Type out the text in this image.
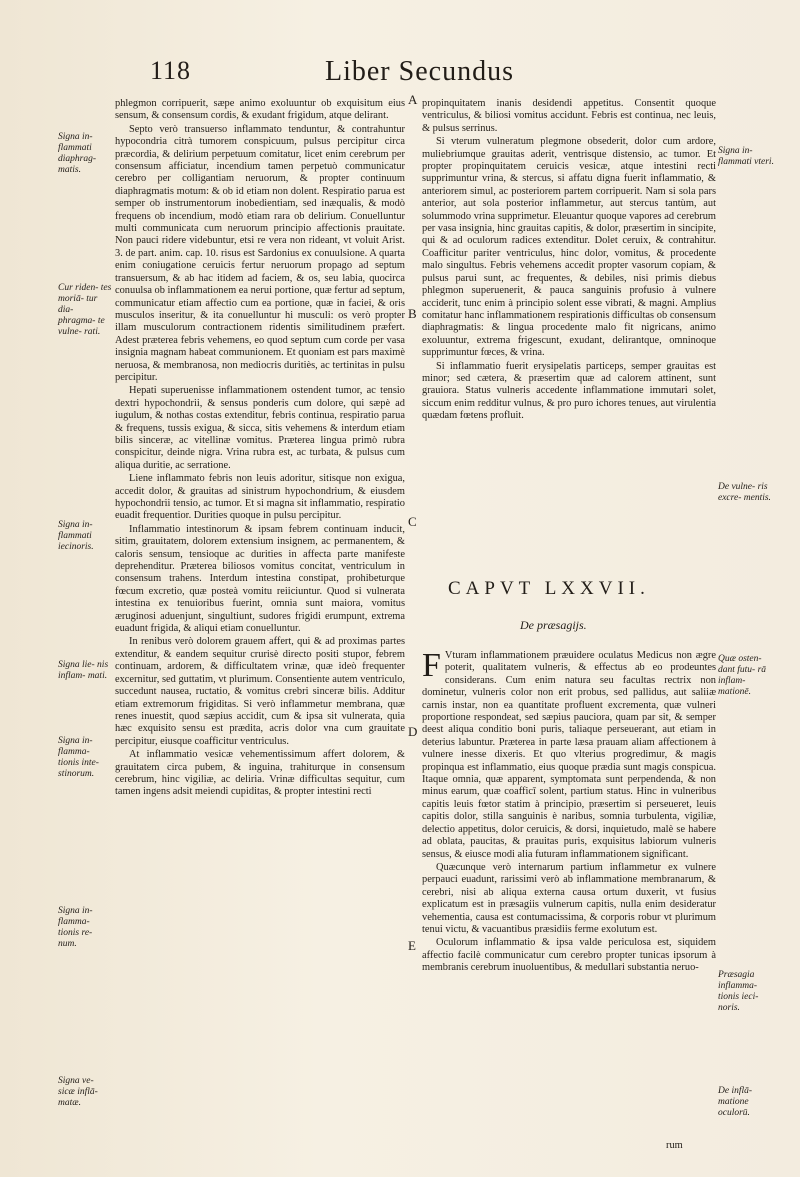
118	Liber Secundus
Signa in- flammati diaphrag- matis.
Cur riden- tes moriā- tur dia- phragma- te vulne- rati.
Signa in- flammati iecinoris.
Signa lie- nis inflam- mati.
Signa in- flamma- tionis inte- stinorum.
Signa in- flamma- tionis re- num.
Signa ve- sicæ inflā- matæ.
Signa in- flammati vteri.
De vulne- ris excre- mentis.
Quæ osten- dant futu- rā inflam- mationē.
Præsagia inflamma- tionis ieci- noris.
De inflā- matione oculorū.
A
B
C
D
E

phlegmon corripuerit, sæpe animo exoluuntur ob exquisitum eius sensum, & consensum cordis, & exudant frigidum, atque delirant.

Septo verò transuerso inflammato tenduntur, & contrahuntur hypocondria citrà tumorem conspicuum, pulsus percipitur circa præcordia, & delirium perpetuum comitatur, licet enim cerebrum per consensum afficiatur, incendium tamen perpetuò communicatur cerebro per colligantiam neruorum, & propter continuum diaphragmatis motum: & ob id etiam non dolent. Respiratio parua est semper ob instrumentorum inobedientiam, sed inæqualis, & modò frequens ob incendium, modò etiam rara ob delirium. Conuelluntur multi communicata cum neruorum principio affectionis prauitate. Non pauci ridere videbuntur, etsi re vera non rideant, vt voluit Arist. 3. de part. anim. cap. 10. risus est Sardonius ex conuulsione. A quarta enim coniugatione ceruicis fertur neruorum propago ad septum transuersum, & ab hac itidem ad faciem, & os, seu labia, quocirca conuulsa ob inflammationem ea nerui portione, quæ fertur ad septum, communicatur etiam affectio cum ea portione, quæ in faciei, & oris musculos inseritur, & ita conuelluntur hi musculi: os verò propter illam musculorum contractionem ridentis similitudinem præfert. Adest præterea febris vehemens, eo quod septum cum corde per vasa insignia magnam habeat communionem. Et quoniam est pars maximè neruosa, & membranosa, non mediocris duritiès, ac tertinitas in pulsu percipitur.

Hepati superuenisse inflammationem ostendent tumor, ac tensio dextri hypochondrii, & sensus ponderis cum dolore, qui sæpè ad iugulum, & nothas costas extenditur, febris continua, respiratio parua & frequens, tussis exigua, & sicca, sitis vehemens & interdum etiam bilis sinceræ, ac vitellinæ vomitus. Præterea lingua primò rubra conspicitur, deinde nigra. Vrina rubra est, ac turbata, & pulsus cum aliqua duritie, ac serratione.

Liene inflammato febris non leuis adoritur, sitisque non exigua, accedit dolor, & grauitas ad sinistrum hypochondrium, & eiusdem hypochondrii tensio, ac tumor. Et si magna sit inflammatio, respiratio euadit frequentior. Durities quoque in pulsu percipitur.

Inflammatio intestinorum & ipsam febrem continuam inducit, sitim, grauitatem, dolorem extensium insignem, ac permanentem, & caloris sensum, tensioque ac durities in affecta parte manifeste deprehenditur. Præterea biliosos vomitus concitat, ventriculum in consensum trahens. Interdum intestina constipat, prohibeturque fœcum excretio, quæ posteà vomitu reiiciuntur. Quod si vulnerata intestina ex tenuioribus fuerint, omnia sunt maiora, vomitus æruginosi aduenjunt, singultiunt, sudores frigidi erumpunt, extrema euadunt frigida, & aliqui etiam conuelluntur.

In renibus verò dolorem grauem affert, qui & ad proximas partes extenditur, & eandem sequitur crurisè directo positi stupor, febrem continuam, ardorem, & difficultatem vrinæ, quæ ideò frequenter excernitur, sed guttatim, vt plurimum. Consentiente autem ventriculo, succedunt nausea, ructatio, & vomitus crebri sinceræ bilis. Additur etiam extremorum frigiditas. Si verò inflammetur membrana, quæ renes inuestit, quod sæpius accidit, cum & ipsa sit vulnerata, quia hæc exquisito sensu est prædita, acris dolor vna cum grauitate percipitur, eiusque coafficitur ventriculus.

At inflammatio vesicæ vehementissimum affert dolorem, & grauitatem circa pubem, & inguina, trahiturque in consensum cerebrum, hinc vigiliæ, ac deliria. Vrinæ difficultas sequitur, cum tamen ingens adsit meiendi cupiditas, & propter intestini recti

propinquitatem inanis desidendi appetitus. Consentit quoque ventriculus, & biliosi vomitus accidunt. Febris est continua, nec leuis, & pulsus serrinus.

Si vterum vulneratum plegmone obsederit, dolor cum ardore, muliebriumque grauitas aderit, ventrisque distensio, ac tumor. Et propter propinquitatem ceruicis vesicæ, atque intestini recti supprimuntur vrina, & stercus, si affatu digna fuerit inflammatio, & anteriorem simul, ac posteriorem partem corripuerit. Nam si sola pars anterior, aut sola posterior inflammetur, aut stercus tantùm, aut solummodo vrina supprimetur. Eleuantur quoque vapores ad cerebrum per vasa insignia, hinc grauitas capitis, & dolor, præsertim in sincipite, qui & ad oculorum radices extenditur. Dolet ceruix, & contrahitur. Coafficitur pariter ventriculus, hinc dolor, vomitus, & procedente malo singultus. Febris vehemens accedit propter vasorum copiam, & pulsus parui sunt, ac frequentes, & debiles, nisi primis diebus phlegmon superuenerit, & pauca sanguinis profusio à vulnere acciderit, tunc enim à principio solent esse vibrati, & magni. Amplius comitatur hanc inflammationem respirationis difficultas ob consensum diaphragmatis: & lingua procedente malo fit nigricans, animo exoluuntur, extrema frigescunt, exudant, delirantque, omninoque supprimuntur fœces, & vrina.

Si inflammatio fuerit erysipelatis particeps, semper grauitas est minor; sed cætera, & præsertim quæ ad calorem attinent, sunt grauiora. Status vulneris accedente inflammatione immutari solet, siccum enim redditur vulnus, & pro puro ichores tenues, aut virulentia quædam fœtens profluit.

CAPVT LXXVII.
De præsagijs.

F Vturam inflammationem præuidere oculatus Medicus non ægre poterit, qualitatem vulneris, & effectus ab eo prodeuntes considerans. Cum enim natura seu facultas rectrix non dominetur, vulneris color non erit probus, sed pallidus, aut saliiæ carnis instar, non ea quantitate profluent excrementa, quæ vulneri proportione respondeat, sed sæpius pauciora, quam par sit, & semper deest aliqua conditio boni puris, taliaque perseuerant, aut etiam in deterius labuntur. Præterea in parte læsa prauam aliam affectionem à vulnere inesse dixeris. Et quo vlterius progredimur, & magis propinqua est inflammatio, eius quoque prædia sunt magis conspicua. Itaque omnia, quæ apparent, symptomata sunt perpendenda, & non minus earum, quæ coafficī solent, partium status. Hinc in vulneribus capitis leuis fœtor statim à principio, præsertim si perseueret, leuis capitis dolor, stilla sanguinis è naribus, somnia turbulenta, vigiliæ, delectio appetitus, dolor ceruicis, & dorsi, inquietudo, malè se habere ad oblata, paucitas, & prauitas puris, exquisitus labiorum vulneris sensus, & eiusce modi alia futuram inflammationem significant.

Quæcunque verò internarum partium inflammetur ex vulnere perpauci euadunt, rarissimi verò ab inflammatione membranarum, & cerebri, nisi ab aliqua externa causa ortum duxerit, vt fusius explicatum est in præsagiis vulnerum capitis, nulla enim desideratur vehementia, causa est contumacissima, & corporis robur vt plurimum tenui victu, & vacuantibus præsidiis ferme exolutum est.

Oculorum inflammatio & ipsa valde periculosa est, siquidem affectio facilè communicatur cum cerebro propter tunicas ipsorum à membranis cerebrum inuoluentibus, & medullari substantia neruo-

rum
